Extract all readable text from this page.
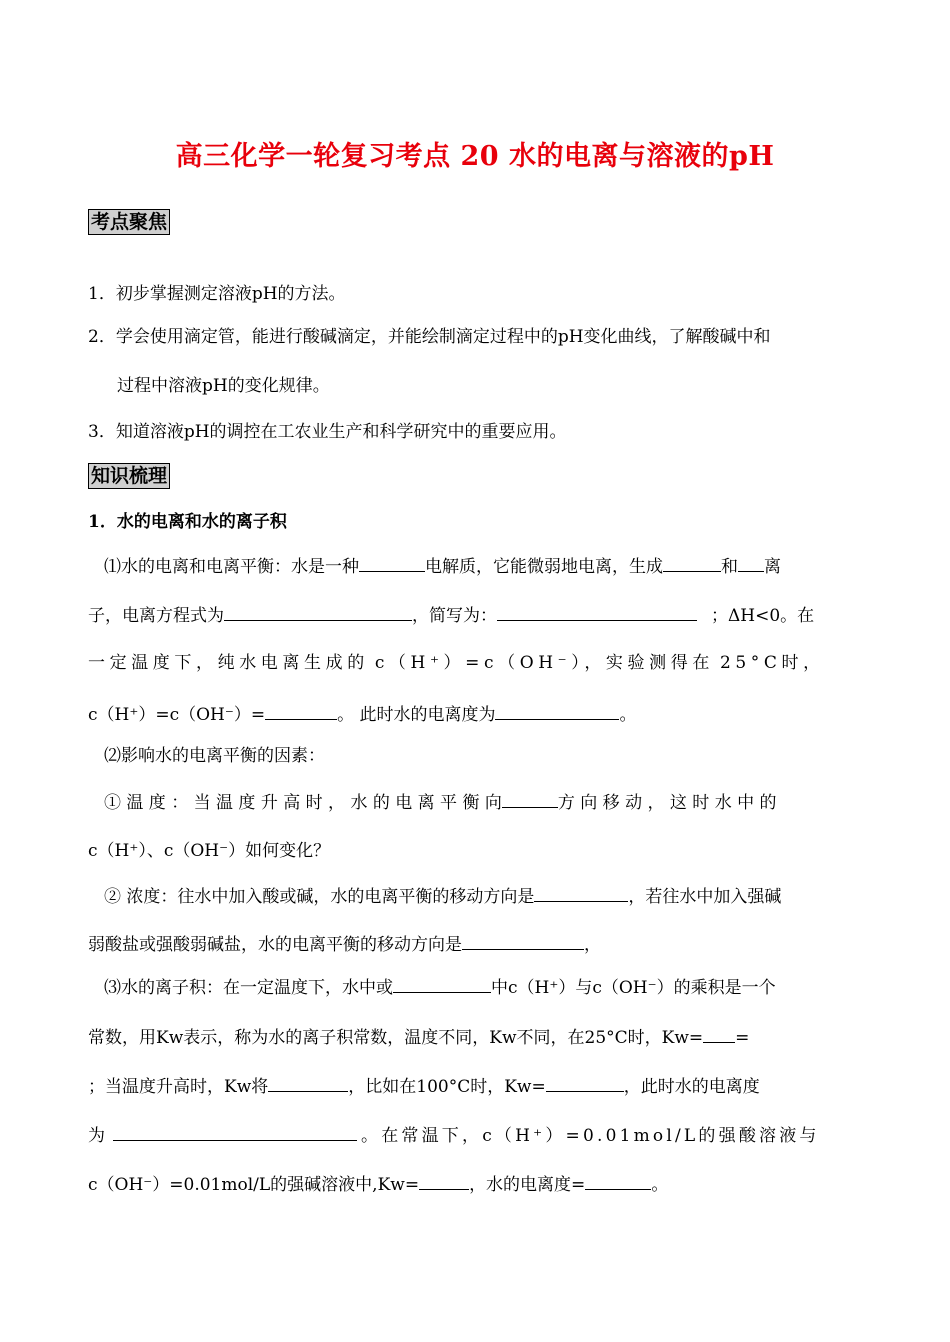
高三化学一轮复习考点 20 水的电离与溶液的pH
考点聚焦
1．初步掌握测定溶液pH的方法。
2．学会使用滴定管，能进行酸碱滴定，并能绘制滴定过程中的pH变化曲线，了解酸碱中和
过程中溶液pH的变化规律。
3．知道溶液pH的调控在工农业生产和科学研究中的重要应用。
知识梳理
1．水的电离和水的离子积
⑴水的电离和电离平衡：水是一种	电解质，它能微弱地电离，生成	和 离
子，电离方程式为	，简写为：	；ΔH<0。在
一定温度下，纯水电离生成的 c（H⁺）=c（OH⁻），实验测得在 25°C时，
c（H⁺）=c（OH⁻）=	。 此时水的电离度为	。
⑵影响水的电离平衡的因素：
① 温 度 ： 当 温 度 升 高 时 ， 水 的 电 离 平 衡 向	方 向 移 动 ， 这 时 水 中 的
c（H⁺）、c（OH⁻）如何变化？
② 浓度：往水中加入酸或碱，水的电离平衡的移动方向是	，若往水中加入强碱
弱酸盐或强酸弱碱盐，水的电离平衡的移动方向是	，
⑶水的离子积：在一定温度下，水中或	中c（H⁺）与c（OH⁻）的乘积是一个
常数，用Kw表示，称为水的离子积常数，温度不同，Kw不同，在25°C时，Kw= =
；当温度升高时，Kw将	，比如在100°C时，Kw=	，此时水的电离度
为	。在常温下，c（H⁺）=0.01mol/L的强酸溶液与
c（OH⁻）=0.01mol/L的强碱溶液中,Kw=	，水的电离度=	。
